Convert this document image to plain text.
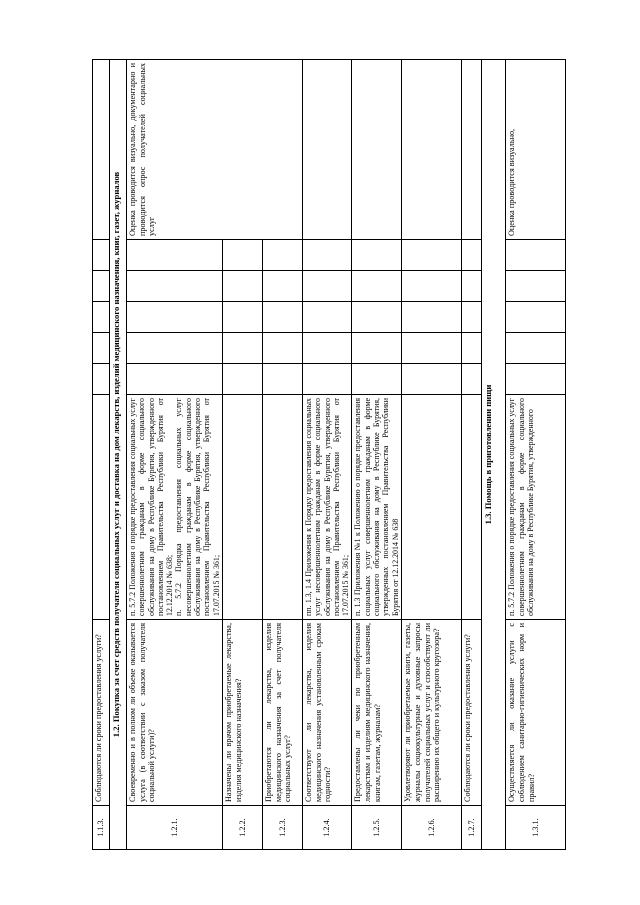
1.1.3.	Соблюдаются ли сроки предоставления услуги?							
1.2. Покупка за счет средств получателя социальных услуг и доставка на дом лекарств, изделий медицинского назначения, книг, газет, журналов								
1.2.1.	Своевременно и в полном ли объеме оказывается услуга (в соответствии с заказом получателя социальной услуги)?	п. 5.7.2 Положения о порядке предоставления социальных услуг совершеннолетним гражданам в форме социального обслуживания на дому в Республике Бурятия, утвержденного постановлением Правительства Республики Бурятия от 12.12.2014 № 638; п. 5.7.2 Порядка предоставления социальных услуг несовершеннолетним гражданам в форме социального обслуживания на дому в Республике Бурятия, утвержденного постановлением Правительства Республики Бурятия от 17.07.2015 № 361;						Оценка проводится визуально, документарно и проводится опрос получателей социальных услуг
1.2.2.	Назначены ли врачом приобретаемые лекарства, изделия медицинского назначения?							
1.2.3.	Приобретаются ли лекарства, изделия медицинского назначения за счет получателя социальных услуг?							
1.2.4.	Соответствуют ли лекарства, изделия медицинского назначения установленным срокам годности?	пп. 1.3, 1.4 Приложения к Порядку предоставления социальных услуг несовершеннолетним гражданам в форме социального обслуживания на дому в Республике Бурятия, утвержденного постановлением Правительства Республики Бурятия от 17.07.2015 № 361;						

1.2.5.	Предоставлены ли чеки по приобретенным лекарствам и изделиям медицинского назначения, книгам, газетам, журналам?	п. 1.3 Приложения №1 к Положению о порядке предоставления социальных услуг совершеннолетним гражданам в форме социального обслуживания на дому в Республике Бурятия, утвержденных постановлением Правительства Республики Бурятия от 12.12.2014 № 638						

1.2.6.	Удовлетворяют ли приобретаемые книги, газеты, журналы социокультурные и духовные запросы получателей социальных услуг и способствуют ли расширению их общего и культурного кругозора?							
1.2.7.	Соблюдаются ли сроки предоставления услуги?							
1.3. Помощь в приготовлении пищи								
1.3.1.	Осуществляется ли оказание услуги с соблюдением санитарно-гигиенических норм и правил?	п. 5.7.2 Положения о порядке предоставления социальных услуг совершеннолетним гражданам в форме социального обслуживания на дому в Республике Бурятия, утвержденного						Оценка проводится визуально,
